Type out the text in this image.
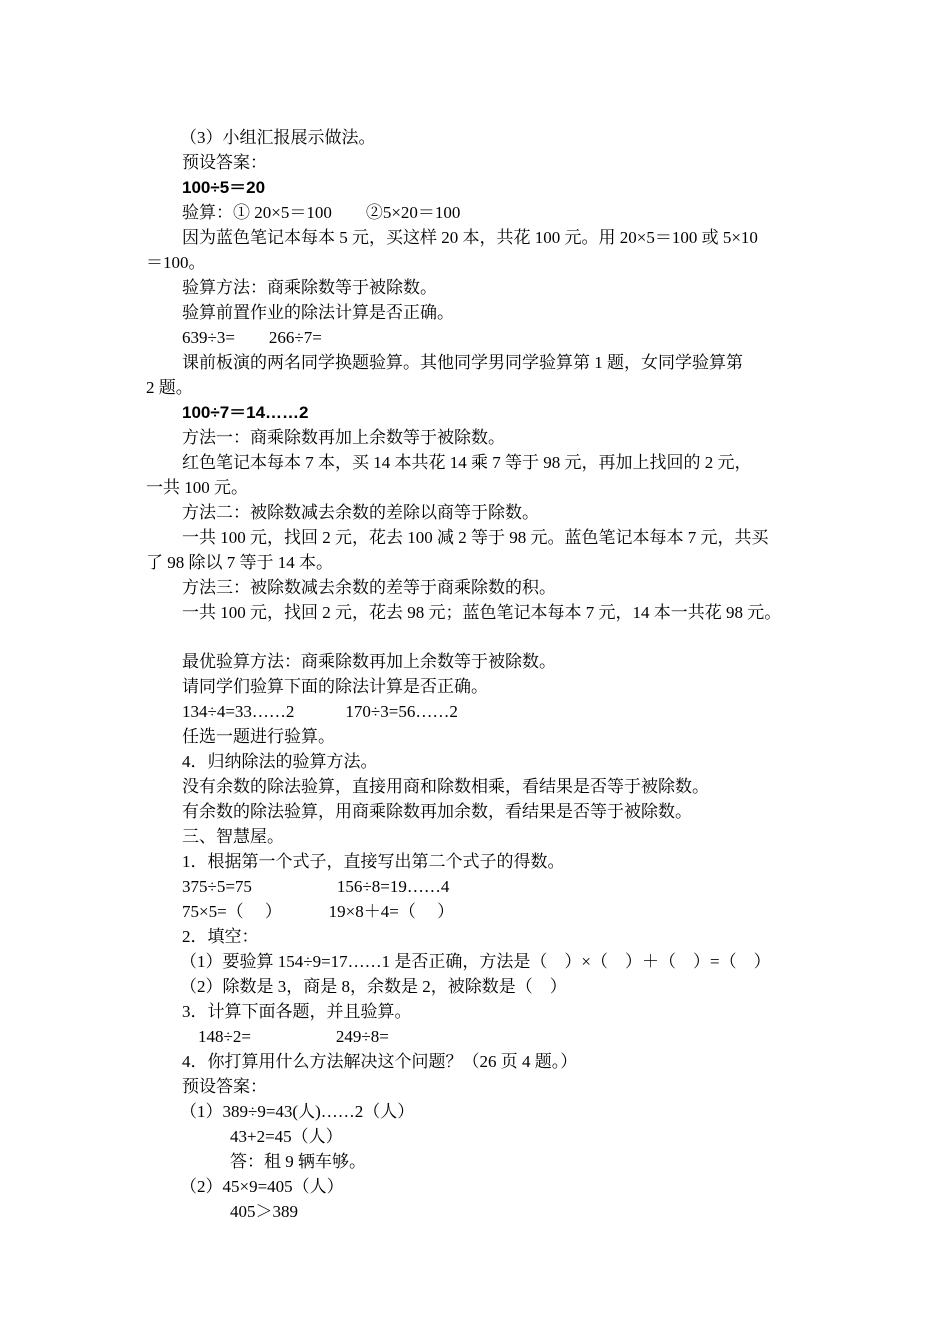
（3）小组汇报展示做法。

预设答案：

100÷5＝20

验算：① 20×5＝100　　②5×20＝100

因为蓝色笔记本每本 5 元，买这样 20 本，共花 100 元。用 20×5＝100 或 5×10

＝100。

验算方法：商乘除数等于被除数。

验算前置作业的除法计算是否正确。

639÷3=　　266÷7=

课前板演的两名同学换题验算。其他同学男同学验算第 1 题，女同学验算第

2 题。

100÷7＝14……2

方法一：商乘除数再加上余数等于被除数。

红色笔记本每本 7 本，买 14 本共花 14 乘 7 等于 98 元，再加上找回的 2 元，

一共 100 元。

方法二：被除数减去余数的差除以商等于除数。

一共 100 元，找回 2 元，花去 100 减 2 等于 98 元。蓝色笔记本每本 7 元，共买

了 98 除以 7 等于 14 本。

方法三：被除数减去余数的差等于商乘除数的积。

一共 100 元，找回 2 元，花去 98 元；蓝色笔记本每本 7 元，14 本一共花 98 元。

最优验算方法：商乘除数再加上余数等于被除数。

请同学们验算下面的除法计算是否正确。

134÷4=33……2　　　170÷3=56……2

任选一题进行验算。

4．归纳除法的验算方法。

没有余数的除法验算，直接用商和除数相乘，看结果是否等于被除数。

有余数的除法验算，用商乘除数再加余数，看结果是否等于被除数。

三、智慧屋。

1．根据第一个式子，直接写出第二个式子的得数。

375÷5=75　　　　　156÷8=19……4

75×5=（　 ）　　　 19×8＋4=（　 ）

2．填空：

（1）要验算 154÷9=17……1 是否正确，方法是（　）×（　）＋（　）=（　）

（2）除数是 3，商是 8，余数是 2，被除数是（　）

3．计算下面各题，并且验算。

148÷2=　　　　　249÷8=

4．你打算用什么方法解决这个问题？（26 页 4 题。）

预设答案：

（1）389÷9=43(人)……2（人）

43+2=45（人）

答：租 9 辆车够。

（2）45×9=405（人）

405＞389
